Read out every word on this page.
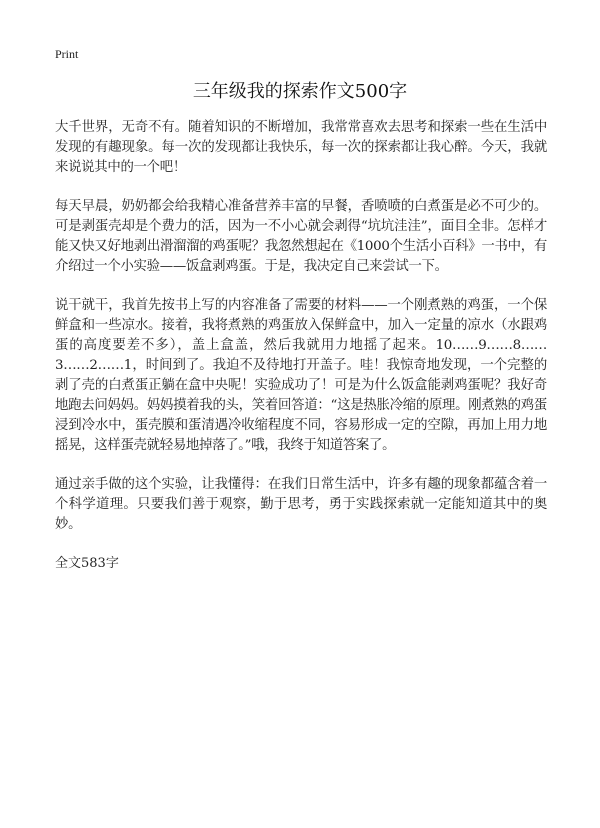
Print
三年级我的探索作文500字

大千世界，无奇不有。随着知识的不断增加，我常常喜欢去思考和探索一些在生活中发现的有趣现象。每一次的发现都让我快乐，每一次的探索都让我心醉。今天，我就来说说其中的一个吧！

每天早晨，奶奶都会给我精心准备营养丰富的早餐，香喷喷的白煮蛋是必不可少的。可是剥蛋壳却是个费力的活，因为一不小心就会剥得“坑坑洼洼”，面目全非。怎样才能又快又好地剥出滑溜溜的鸡蛋呢？我忽然想起在《1000个生活小百科》一书中，有介绍过一个小实验——饭盒剥鸡蛋。于是，我决定自己来尝试一下。

说干就干，我首先按书上写的内容准备了需要的材料——一个刚煮熟的鸡蛋，一个保鲜盒和一些凉水。接着，我将煮熟的鸡蛋放入保鲜盒中，加入一定量的凉水（水跟鸡蛋的高度要差不多），盖上盒盖，然后我就用力地摇了起来。10……9……8……3……2……1，时间到了。我迫不及待地打开盖子。哇！我惊奇地发现，一个完整的剥了壳的白煮蛋正躺在盒中央呢！实验成功了！可是为什么饭盒能剥鸡蛋呢？我好奇地跑去问妈妈。妈妈摸着我的头，笑着回答道：“这是热胀冷缩的原理。刚煮熟的鸡蛋浸到冷水中，蛋壳膜和蛋清遇冷收缩程度不同，容易形成一定的空隙，再加上用力地摇晃，这样蛋壳就轻易地掉落了。”哦，我终于知道答案了。

通过亲手做的这个实验，让我懂得：在我们日常生活中，许多有趣的现象都蕴含着一个科学道理。只要我们善于观察，勤于思考，勇于实践探索就一定能知道其中的奥妙。

全文583字
